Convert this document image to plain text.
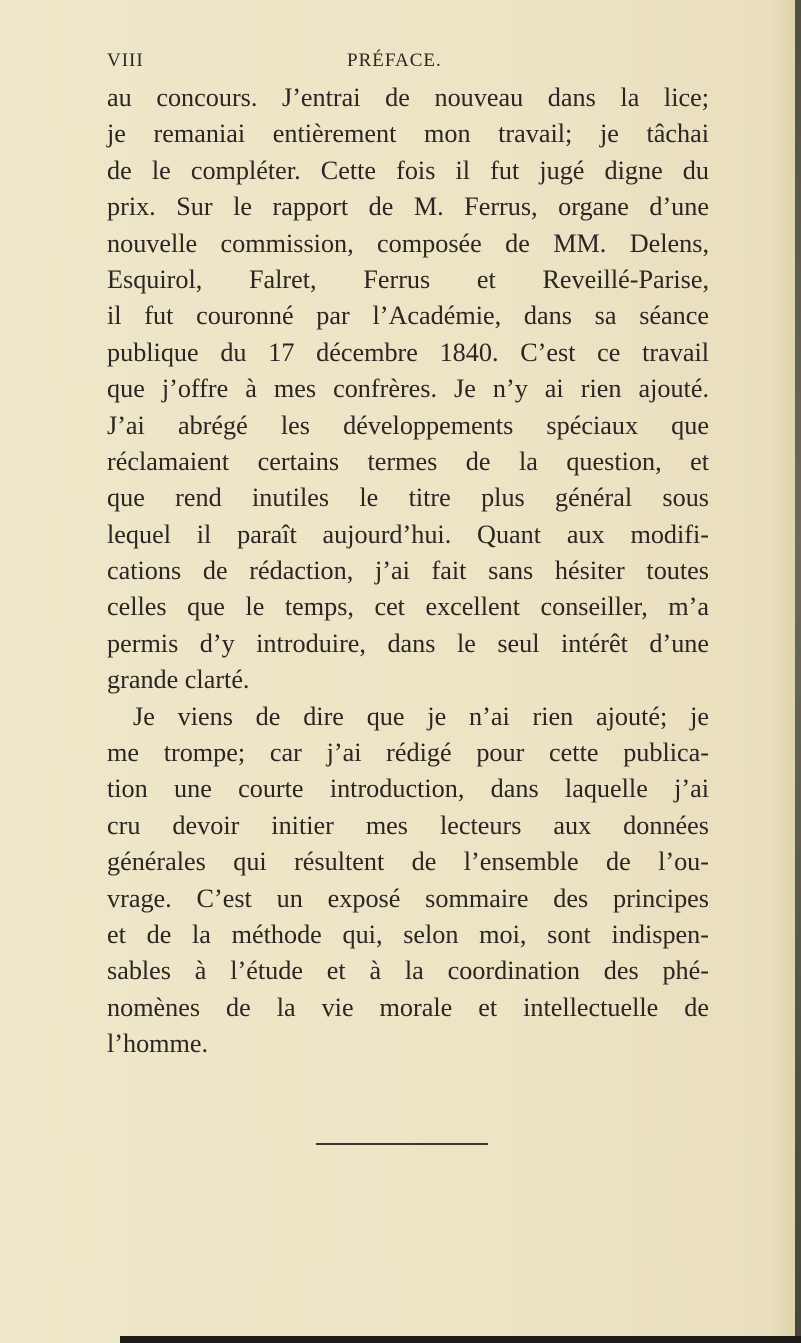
VIII	PRÉFACE.
au concours. J’entrai de nouveau dans la lice;
je remaniai entièrement mon travail; je tâchai
de le compléter. Cette fois il fut jugé digne du
prix. Sur le rapport de M. Ferrus, organe d’une
nouvelle commission, composée de MM. Delens,
Esquirol, Falret, Ferrus et Reveillé-Parise,
il fut couronné par l’Académie, dans sa séance
publique du 17 décembre 1840. C’est ce travail
que j’offre à mes confrères. Je n’y ai rien ajouté.
J’ai abrégé les développements spéciaux que
réclamaient certains termes de la question, et
que rend inutiles le titre plus général sous
lequel il paraît aujourd’hui. Quant aux modifi-
cations de rédaction, j’ai fait sans hésiter toutes
celles que le temps, cet excellent conseiller, m’a
permis d’y introduire, dans le seul intérêt d’une
grande clarté.
Je viens de dire que je n’ai rien ajouté; je
me trompe; car j’ai rédigé pour cette publica-
tion une courte introduction, dans laquelle j’ai
cru devoir initier mes lecteurs aux données
générales qui résultent de l’ensemble de l’ou-
vrage. C’est un exposé sommaire des principes
et de la méthode qui, selon moi, sont indispen-
sables à l’étude et à la coordination des phé-
nomènes de la vie morale et intellectuelle de
l’homme.
